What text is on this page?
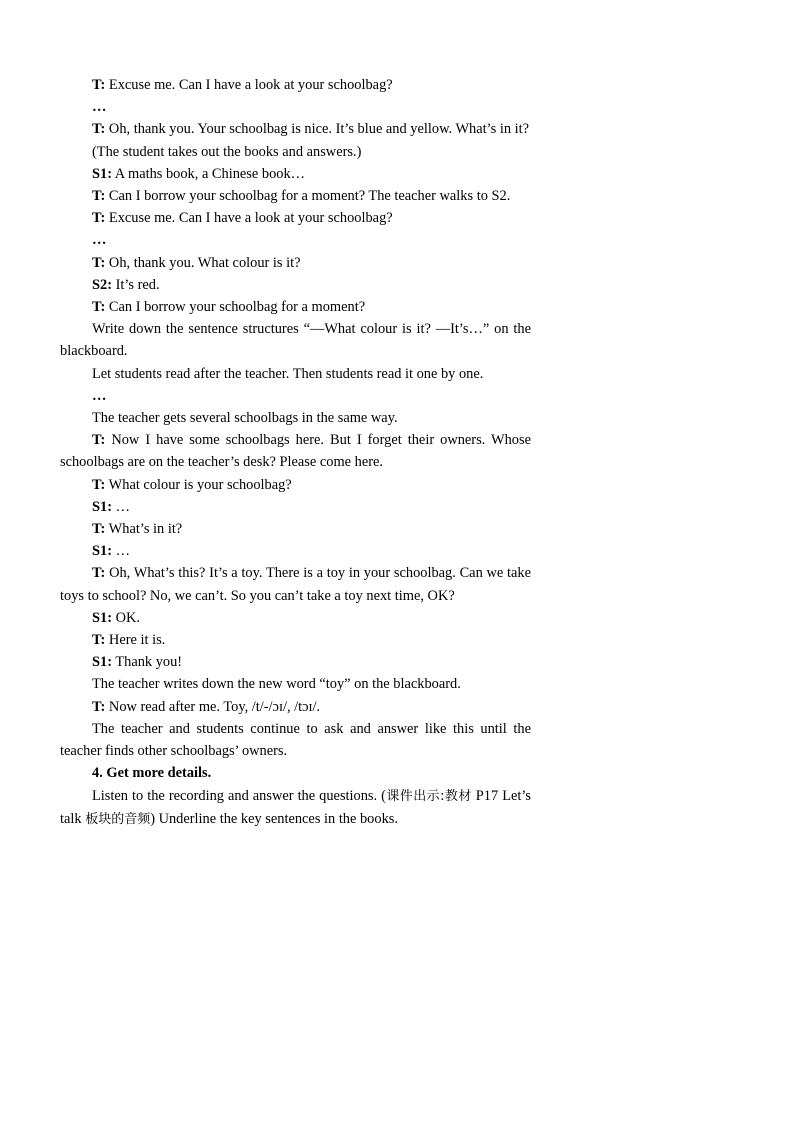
T: Excuse me. Can I have a look at your schoolbag?

…

T: Oh, thank you. Your schoolbag is nice. It’s blue and yellow. What’s in it?

(The student takes out the books and answers.)

S1: A maths book, a Chinese book…

T: Can I borrow your schoolbag for a moment? The teacher walks to S2.

T: Excuse me. Can I have a look at your schoolbag?

…

T: Oh, thank you. What colour is it?

S2: It’s red.

T: Can I borrow your schoolbag for a moment?

Write down the sentence structures “—What colour is it? —It’s…” on the blackboard.

Let students read after the teacher. Then students read it one by one.

…

The teacher gets several schoolbags in the same way.

T: Now I have some schoolbags here. But I forget their owners. Whose schoolbags are on the teacher’s desk? Please come here.

T: What colour is your schoolbag?

S1: …

T: What’s in it?

S1: …

T: Oh, What’s this? It’s a toy. There is a toy in your schoolbag. Can we take toys to school? No, we can’t. So you can’t take a toy next time, OK?

S1: OK.

T: Here it is.

S1: Thank you!

The teacher writes down the new word “toy” on the blackboard.

T: Now read after me. Toy, /t/-/ɔɪ/, /tɔɪ/.

The teacher and students continue to ask and answer like this until the teacher finds other schoolbags’ owners.

4. Get more details.

Listen to the recording and answer the questions. (课件出示:教材 P17 Let’s talk 板块的音频) Underline the key sentences in the books.
